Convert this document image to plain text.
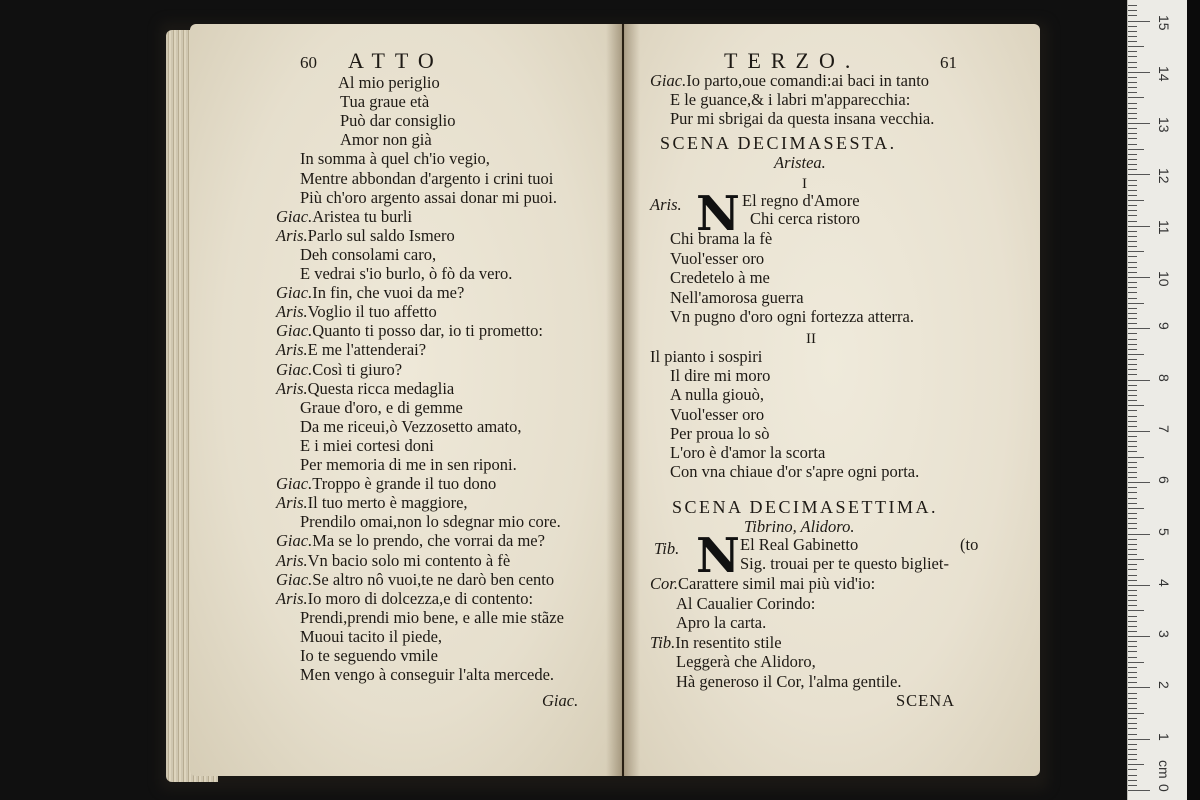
60 ATTO
Al mio periglio
Tua graue età
Può dar consiglio
Amor non già
In somma à quel ch'io vegio,
Mentre abbondan d'argento i crini tuoi
Più ch'oro argento assai donar mi puoi.
Giac.Aristea tu burli
Aris.Parlo sul saldo Ismero
Deh consolami caro,
E vedrai s'io burlo, ò fò da vero.
Giac.In fin, che vuoi da me?
Aris.Voglio il tuo affetto
Giac.Quanto ti posso dar, io ti prometto:
Aris.E me l'attenderai?
Giac.Così ti giuro?
Aris.Questa ricca medaglia
Graue d'oro, e di gemme
Da me riceui,ò Vezzosetto amato,
E i miei cortesi doni
Per memoria di me in sen riponi.
Giac.Troppo è grande il tuo dono
Aris.Il tuo merto è maggiore,
Prendilo omai,non lo sdegnar mio core.
Giac.Ma se lo prendo, che vorrai da me?
Aris.Vn bacio solo mi contento à fè
Giac.Se altro nô vuoi,te ne darò ben cento
Aris.Io moro di dolcezza,e di contento:
Prendi,prendi mio bene, e alle mie stãze
Muoui tacito il piede,
Io te seguendo vmile
Men vengo à conseguir l'alta mercede.
Giac.
TERZO.	61
Giac.Io parto,oue comandi:ai baci in tanto
E le guance,& i labri m'apparecchia:
Pur mi sbrigai da questa insana vecchia.
SCENA DECIMASESTA.
Aristea.
I
Aris. N El regno d'Amore
Chi cerca ristoro
Chi brama la fè
Vuol'esser oro
Credetelo à me
Nell'amorosa guerra
Vn pugno d'oro ogni fortezza atterra.
II
Il pianto i sospiri
Il dire mi moro
A nulla giouò,
Vuol'esser oro
Per proua lo sò
L'oro è d'amor la scorta
Con vna chiaue d'or s'apre ogni porta.
SCENA DECIMASETTIMA.
Tibrino, Alidoro.
Tib. N El Real Gabinetto	(to
Sig. trouai per te questo bigliet-
Cor.Carattere simil mai più vid'io:
Al Caualier Corindo:
Apro la carta.
Tib.In resentito stile
Leggerà che Alidoro,
Hà generoso il Cor, l'alma gentile.
SCENA
15
14
13
12
11
10
9
8
7
6
5
4
3
2
1
0
cm
